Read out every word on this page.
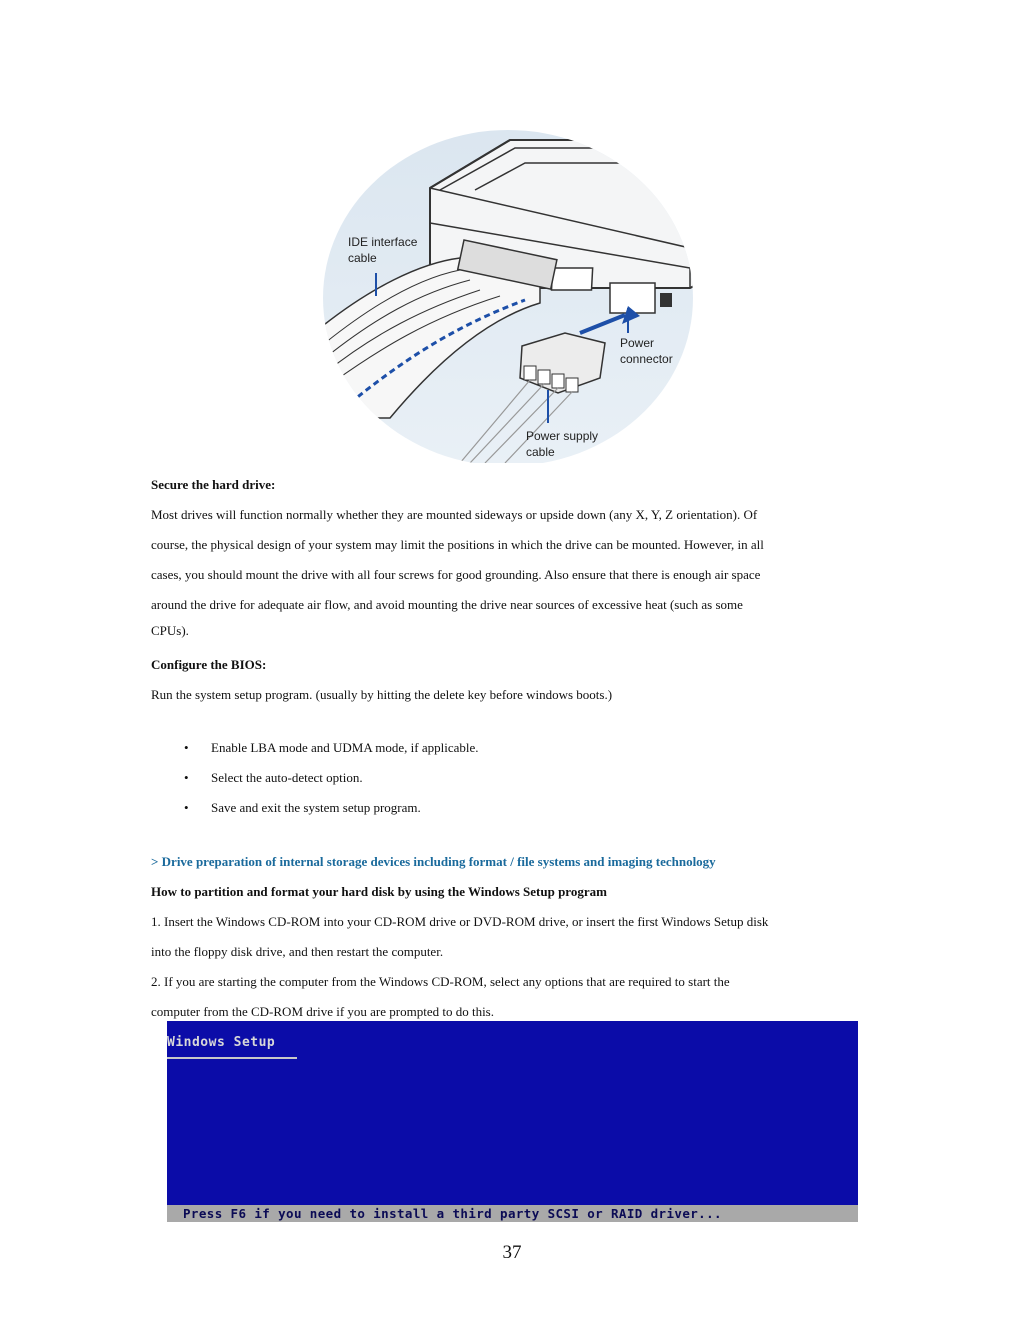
IDE interface
cable
Power
connector
Power supply
cable
Secure the hard drive:
Most drives will function normally whether they are mounted sideways or upside down (any X, Y, Z orientation). Of
course, the physical design of your system may limit the positions in which the drive can be mounted. However, in all
cases, you should mount the drive with all four screws for good grounding. Also ensure that there is enough air space
around the drive for adequate air flow, and avoid mounting the drive near sources of excessive heat (such as some
CPUs).
Configure the BIOS:
Run the system setup program. (usually by hitting the delete key before windows boots.)
• Enable LBA mode and UDMA mode, if applicable.
• Select the auto-detect option.
• Save and exit the system setup program.
> Drive preparation of internal storage devices including format / file systems and imaging technology
How to partition and format your hard disk by using the Windows Setup program
1. Insert the Windows CD-ROM into your CD-ROM drive or DVD-ROM drive, or insert the first Windows Setup disk
into the floppy disk drive, and then restart the computer.
2. If you are starting the computer from the Windows CD-ROM, select any options that are required to start the
computer from the CD-ROM drive if you are prompted to do this.
Windows Setup
Press F6 if you need to install a third party SCSI or RAID driver...
37
